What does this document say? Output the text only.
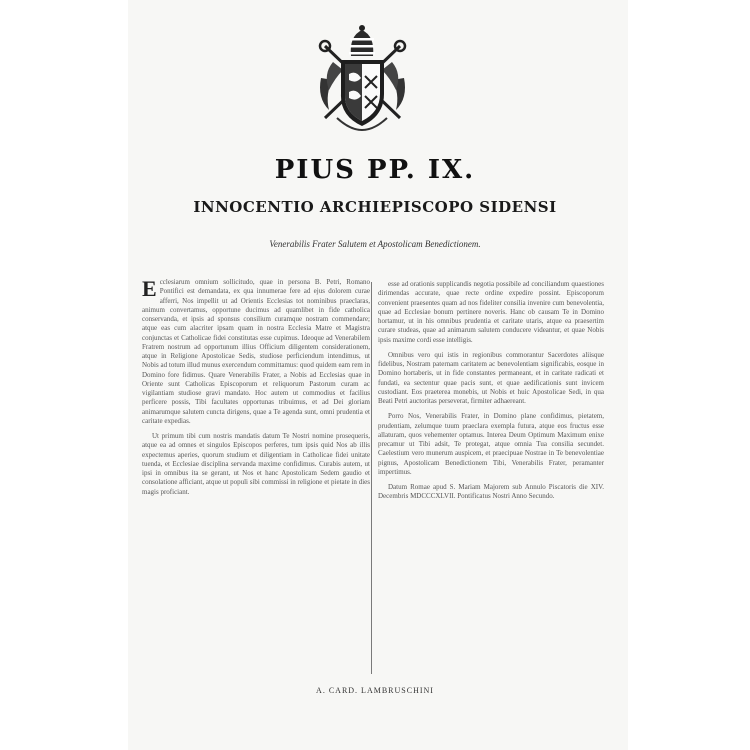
PIUS PP. IX.
INNOCENTIO ARCHIEPISCOPO SIDENSI
Venerabilis Frater Salutem et Apostolicam Benedictionem.

Ecclesiarum omnium sollicitudo, quae in persona B. Petri, Romano Pontifici est demandata, ex qua innumerae fere ad ejus dolorem curae afferri, Nos impellit ut ad Orientis Ecclesias tot nominibus praeclaras, animum convertamus, opportune ducimus ad quamlibet in fide catholica conservanda, et ipsis ad sponsus consilium curamque nostram commendare; atque eas cum alacriter ipsam quam in nostra Ecclesia Matre et Magistra conjunctas et Catholicae fidei constitutas esse cupimus. Ideoque ad Venerabilem Fratrem nostrum ad opportunum illius Officium diligentem considerationem, atque in Religione Apostolicae Sedis, studiose perficiendum intendimus, ut Nobis ad totum illud munus exercendum committamus: quod quidem eam rem in Domino fore fidimus. Quare Venerabilis Frater, a Nobis ad Ecclesias quae in Oriente sunt Catholicas Episcoporum et reliquorum Pastorum curam ac vigilantiam studiose gravi mandato. Hoc autem ut commodius et facilius perficere possis, Tibi facultates opportunas tribuimus, et ad Dei gloriam animarumque salutem cuncta dirigens, quae a Te agenda sunt, omni prudentia et caritate expedias.

Ut primum tibi cum nostris mandatis datum Te Nostri nomine prosequeris, atque ea ad omnes et singulos Episcopos perferes, tum ipsis quid Nos ab illis expectemus aperies, quorum studium et diligentiam in Catholicae fidei unitate tuenda, et Ecclesiae disciplina servanda maxime confidimus. Curabis autem, ut ipsi in omnibus ita se gerant, ut Nos et hanc Apostolicam Sedem gaudio et consolatione afficiant, atque ut populi sibi commissi in religione et pietate in dies magis proficiant.

esse ad orationis supplicandis negotia possibile ad conciliandum quaestiones dirimendas accurate, quae recte ordine expedire possint. Episcoporum convenient praesentes quam ad nos fideliter consilia invenire cum benevolentia, quae ad Ecclesiae bonum pertinere noveris. Hanc ob causam Te in Domino hortamur, ut in his omnibus prudentia et caritate utaris, atque ea praesertim curare studeas, quae ad animarum salutem conducere videantur, et quae Nobis ipsis maxime cordi esse intelligis.

Omnibus vero qui istis in regionibus commorantur Sacerdotes aliisque fidelibus, Nostram paternam caritatem ac benevolentiam significabis, eosque in Domino hortaberis, ut in fide constantes permaneant, et in caritate radicati et fundati, ea sectentur quae pacis sunt, et quae aedificationis sunt invicem custodiant. Eos praeterea monebis, ut Nobis et huic Apostolicae Sedi, in qua Beati Petri auctoritas perseverat, firmiter adhaereant.

Porro Nos, Venerabilis Frater, in Domino plane confidimus, pietatem, prudentiam, zelumque tuum praeclara exempla futura, atque eos fructus esse allaturam, quos vehementer optamus. Interea Deum Optimum Maximum enixe precamur ut Tibi adsit, Te protegat, atque omnia Tua consilia secundet. Caelestium vero munerum auspicem, et praecipuae Nostrae in Te benevolentiae pignus, Apostolicam Benedictionem Tibi, Venerabilis Frater, peramanter impertimus.

Datum Romae apud S. Mariam Majorem sub Annulo Piscatoris die XIV. Decembris MDCCCXLVII. Pontificatus Nostri Anno Secundo.

A. CARD. LAMBRUSCHINI
